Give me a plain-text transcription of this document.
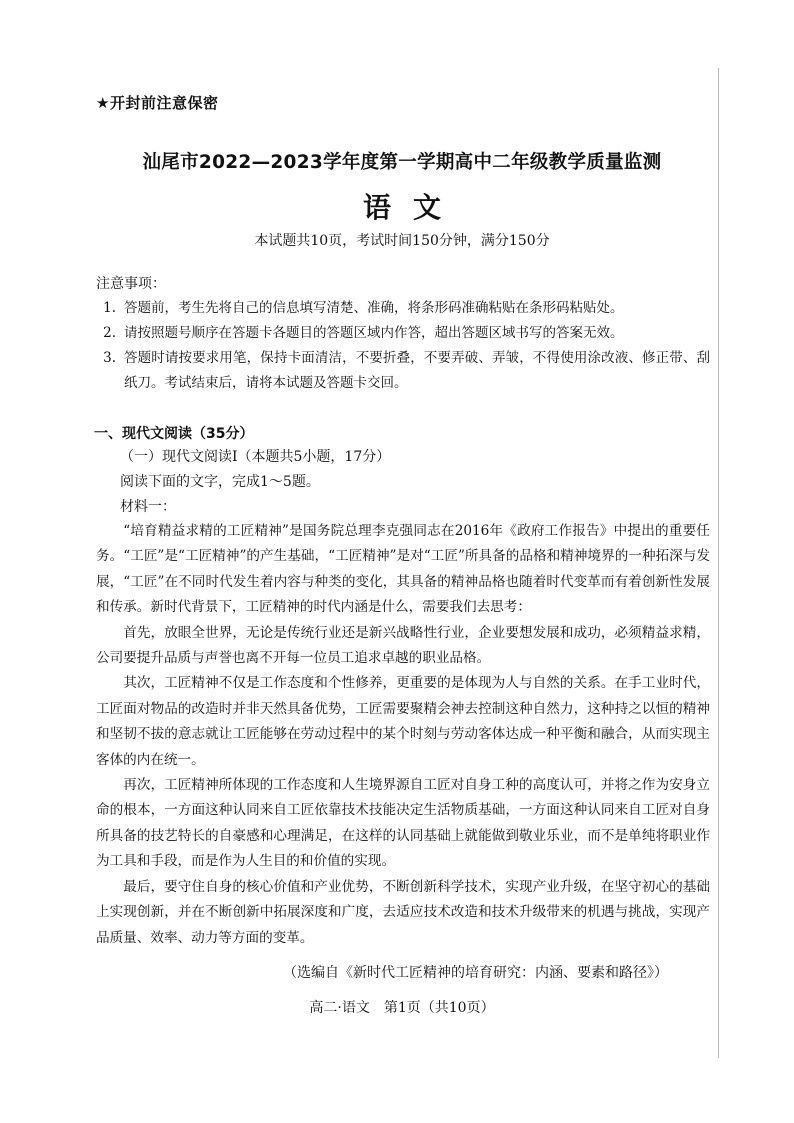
★开封前注意保密
汕尾市2022—2023学年度第一学期高中二年级教学质量监测
语文
本试题共10页，考试时间150分钟，满分150分
注意事项：
1. 答题前，考生先将自己的信息填写清楚、准确，将条形码准确粘贴在条形码粘贴处。
2. 请按照题号顺序在答题卡各题目的答题区域内作答，超出答题区域书写的答案无效。
3. 答题时请按要求用笔，保持卡面清洁，不要折叠，不要弄破、弄皱，不得使用涂改液、修正带、刮纸刀。考试结束后，请将本试题及答题卡交回。
一、现代文阅读（35分）
（一）现代文阅读Ⅰ（本题共5小题，17分）
阅读下面的文字，完成1～5题。
材料一：

“培育精益求精的工匠精神”是国务院总理李克强同志在2016年《政府工作报告》中提出的重要任务。“工匠”是“工匠精神”的产生基础，“工匠精神”是对“工匠”所具备的品格和精神境界的一种拓深与发展，“工匠”在不同时代发生着内容与种类的变化，其具备的精神品格也随着时代变革而有着创新性发展和传承。新时代背景下，工匠精神的时代内涵是什么，需要我们去思考：

首先，放眼全世界，无论是传统行业还是新兴战略性行业，企业要想发展和成功，必须精益求精，公司要提升品质与声誉也离不开每一位员工追求卓越的职业品格。

其次，工匠精神不仅是工作态度和个性修养，更重要的是体现为人与自然的关系。在手工业时代，工匠面对物品的改造时并非天然具备优势，工匠需要聚精会神去控制这种自然力，这种持之以恒的精神和坚韧不拔的意志就让工匠能够在劳动过程中的某个时刻与劳动客体达成一种平衡和融合，从而实现主客体的内在统一。

再次，工匠精神所体现的工作态度和人生境界源自工匠对自身工种的高度认可，并将之作为安身立命的根本，一方面这种认同来自工匠依靠技术技能决定生活物质基础，一方面这种认同来自工匠对自身所具备的技艺特长的自豪感和心理满足，在这样的认同基础上就能做到敬业乐业，而不是单纯将职业作为工具和手段，而是作为人生目的和价值的实现。

最后，要守住自身的核心价值和产业优势，不断创新科学技术，实现产业升级，在坚守初心的基础上实现创新，并在不断创新中拓展深度和广度，去适应技术改造和技术升级带来的机遇与挑战，实现产品质量、效率、动力等方面的变革。

（选编自《新时代工匠精神的培育研究：内涵、要素和路径》）
高二·语文　第1页（共10页）
